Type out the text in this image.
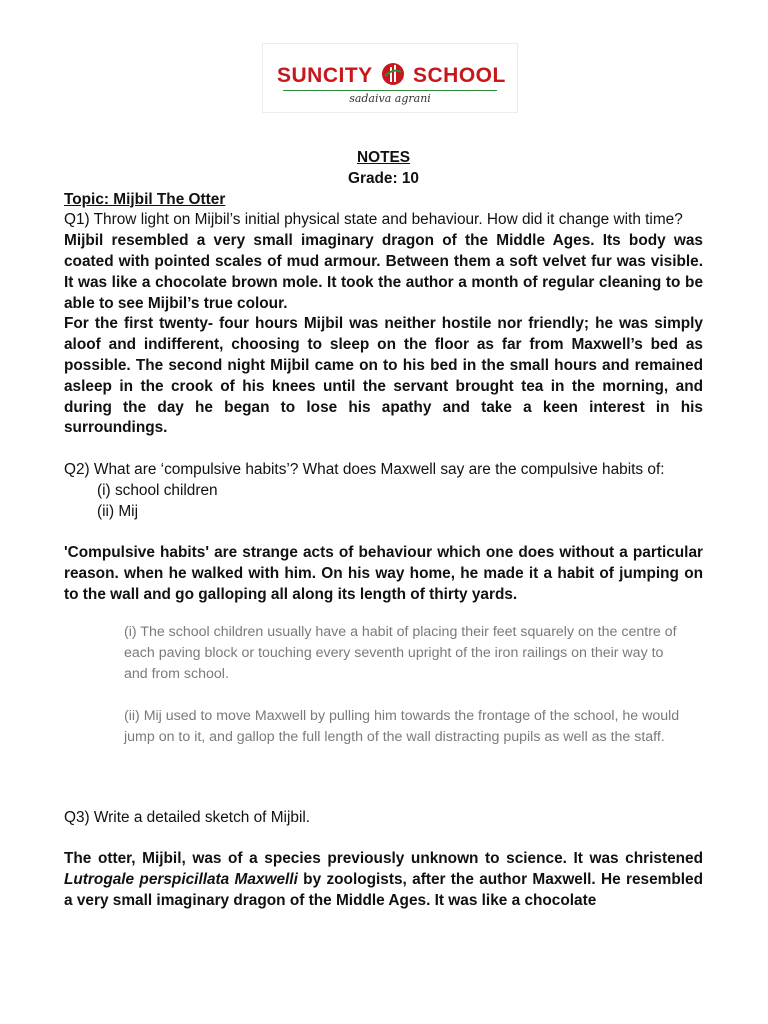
SUNCITY SCHOOL
sadaiva agrani

NOTES

Grade: 10

Topic: Mijbil The Otter

Q1) Throw light on Mijbil’s initial physical state and behaviour. How did it change with time?

Mijbil resembled a very small imaginary dragon of the Middle Ages. Its body was coated with pointed scales of mud armour. Between them a soft velvet fur was visible. It was like a chocolate brown mole. It took the author a month of regular cleaning to be able to see Mijbil’s true colour.

For the first twenty- four hours Mijbil was neither hostile nor friendly; he was simply aloof and indifferent, choosing to sleep on the floor as far from Maxwell’s bed as possible. The second night Mijbil came on to his bed in the small hours and remained asleep in the crook of his knees until the servant brought tea in the morning, and during the day he began to lose his apathy and take a keen interest in his surroundings.

Q2) What are ‘compulsive habits’? What does Maxwell say are the compulsive habits of:

(i) school children

(ii) Mij

'Compulsive habits' are strange acts of behaviour which one does without a particular reason. when he walked with him. On his way home, he made it a habit of jumping on to the wall and go galloping all along its length of thirty yards.

(i) The school children usually have a habit of placing their feet squarely on the centre of each paving block or touching every seventh upright of the iron railings on their way to and from school.

(ii) Mij used to move Maxwell by pulling him towards the frontage of the school, he would jump on to it, and gallop the full length of the wall distracting pupils as well as the staff.

Q3) Write a detailed sketch of Mijbil.

The otter, Mijbil, was of a species previously unknown to science. It was christened Lutrogale perspicillata Maxwelli by zoologists, after the author Maxwell. He resembled a very small imaginary dragon of the Middle Ages. It was like a chocolate
